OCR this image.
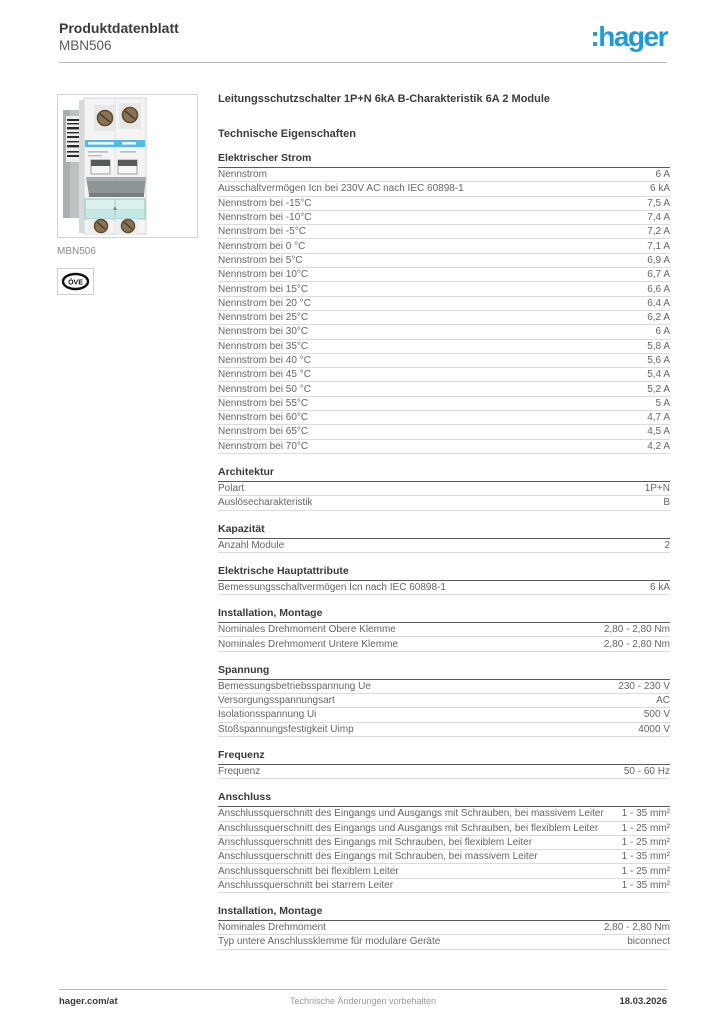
Produktdatenblatt
MBN506	:hager
MBN506
ÖVE
Leitungsschutzschalter 1P+N 6kA B-Charakteristik 6A 2 Module
Technische Eigenschaften
Elektrischer Strom
Nennstrom	6 A
Ausschaltvermögen Icn bei 230V AC nach IEC 60898-1	6 kA
Nennstrom bei -15°C	7,5 A
Nennstrom bei -10°C	7,4 A
Nennstrom bei -5°C	7,2 A
Nennstrom bei 0 °C	7,1 A
Nennstrom bei 5°C	6,9 A
Nennstrom bei 10°C	6,7 A
Nennstrom bei 15°C	6,6 A
Nennstrom bei 20 °C	6,4 A
Nennstrom bei 25°C	6,2 A
Nennstrom bei 30°C	6 A
Nennstrom bei 35°C	5,8 A
Nennstrom bei 40 °C	5,6 A
Nennstrom bei 45 °C	5,4 A
Nennstrom bei 50 °C	5,2 A
Nennstrom bei 55°C	5 A
Nennstrom bei 60°C	4,7 A
Nennstrom bei 65°C	4,5 A
Nennstrom bei 70°C	4,2 A
Architektur
Polart	1P+N
Auslösecharakteristik	B
Kapazität
Anzahl Module	2
Elektrische Hauptattribute
Bemessungsschaltvermögen Icn nach IEC 60898-1	6 kA
Installation, Montage
Nominales Drehmoment Obere Klemme	2,80 - 2,80 Nm
Nominales Drehmoment Untere Klemme	2,80 - 2,80 Nm
Spannung
Bemessungsbetriebsspannung Ue	230 - 230 V
Versorgungsspannungsart	AC
Isolationsspannung Ui	500 V
Stoßspannungsfestigkeit Uimp	4000 V
Frequenz
Frequenz	50 - 60 Hz
Anschluss
Anschlussquerschnitt des Eingangs und Ausgangs mit Schrauben, bei massivem Leiter	1 - 35 mm²
Anschlussquerschnitt des Eingangs und Ausgangs mit Schrauben, bei flexiblem Leiter	1 - 25 mm²
Anschlussquerschnitt des Eingangs mit Schrauben, bei flexiblem Leiter	1 - 25 mm²
Anschlussquerschnitt des Eingangs mit Schrauben, bei massivem Leiter	1 - 35 mm²
Anschlussquerschnitt bei flexiblem Leiter	1 - 25 mm²
Anschlussquerschnitt bei starrem Leiter	1 - 35 mm²
Installation, Montage
Nominales Drehmoment	2,80 - 2,80 Nm
Typ untere Anschlussklemme für modulare Geräte	biconnect
hager.com/at	Technische Änderungen vorbehalten	18.03.2026
